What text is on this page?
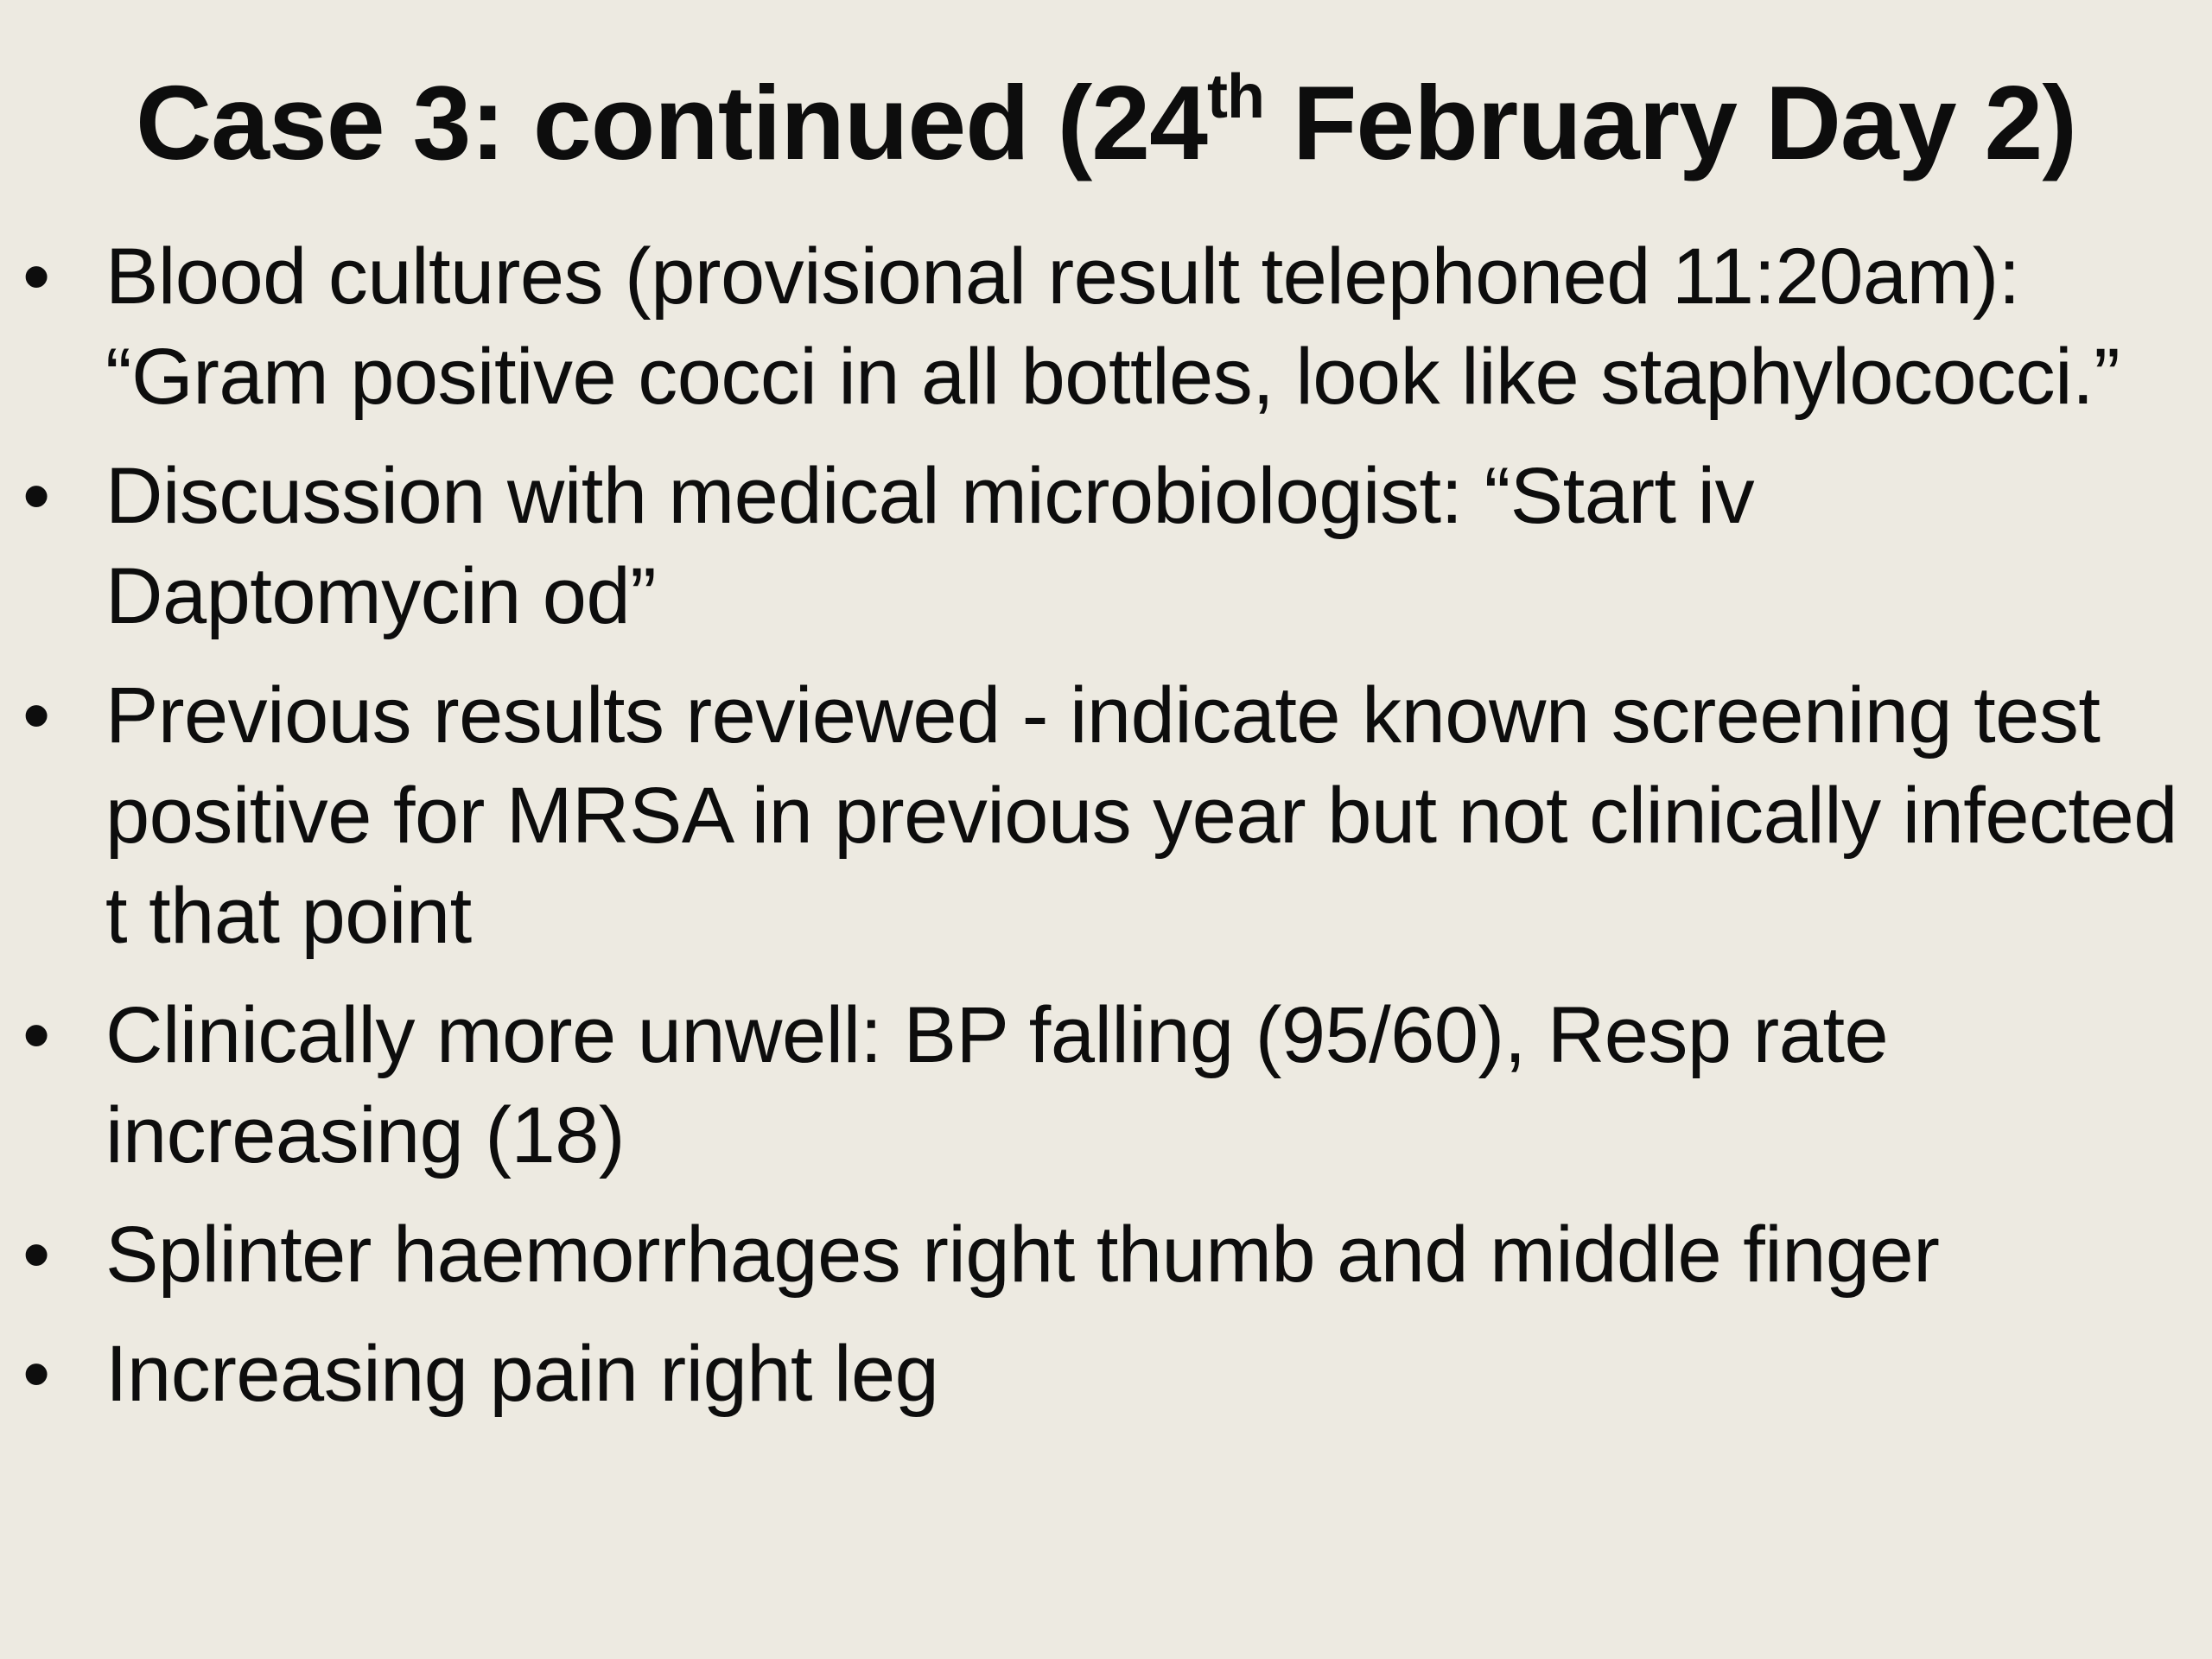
Case 3: continued (24th February Day 2)
• Blood cultures (provisional result telephoned 11:20am): “Gram positive cocci in all bottles, look like staphylococci.”
• Discussion with medical microbiologist: “Start iv Daptomycin od”
• Previous results reviewed - indicate known screening test positive for MRSA in previous year but not clinically infected t that point
• Clinically more unwell: BP falling (95/60), Resp rate increasing (18)
• Splinter haemorrhages right thumb and middle finger
• Increasing pain right leg
